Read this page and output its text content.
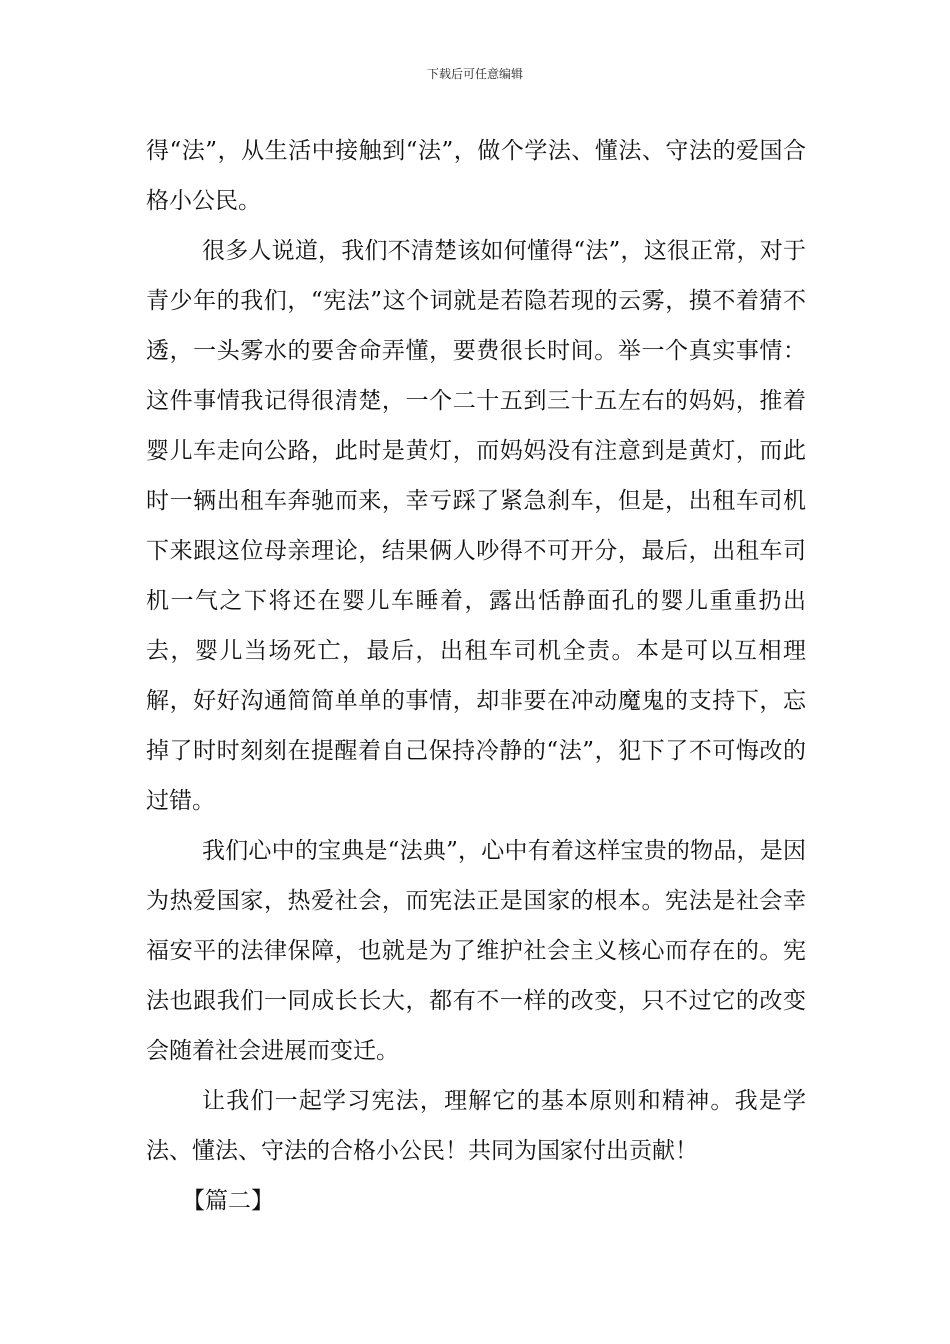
下载后可任意编辑

得“法”，从生活中接触到“法”，做个学法、懂法、守法的爱国合格小公民。

很多人说道，我们不清楚该如何懂得“法”，这很正常，对于青少年的我们，“宪法”这个词就是若隐若现的云雾，摸不着猜不透，一头雾水的要舍命弄懂，要费很长时间。举一个真实事情：这件事情我记得很清楚，一个二十五到三十五左右的妈妈，推着婴儿车走向公路，此时是黄灯，而妈妈没有注意到是黄灯，而此时一辆出租车奔驰而来，幸亏踩了紧急刹车，但是，出租车司机下来跟这位母亲理论，结果俩人吵得不可开分，最后，出租车司机一气之下将还在婴儿车睡着，露出恬静面孔的婴儿重重扔出去，婴儿当场死亡，最后，出租车司机全责。本是可以互相理解，好好沟通简简单单的事情，却非要在冲动魔鬼的支持下，忘掉了时时刻刻在提醒着自己保持冷静的“法”，犯下了不可悔改的过错。

我们心中的宝典是“法典”，心中有着这样宝贵的物品，是因为热爱国家，热爱社会，而宪法正是国家的根本。宪法是社会幸福安平的法律保障，也就是为了维护社会主义核心而存在的。宪法也跟我们一同成长长大，都有不一样的改变，只不过它的改变会随着社会进展而变迁。

让我们一起学习宪法，理解它的基本原则和精神。我是学法、懂法、守法的合格小公民！共同为国家付出贡献！

【篇二】
